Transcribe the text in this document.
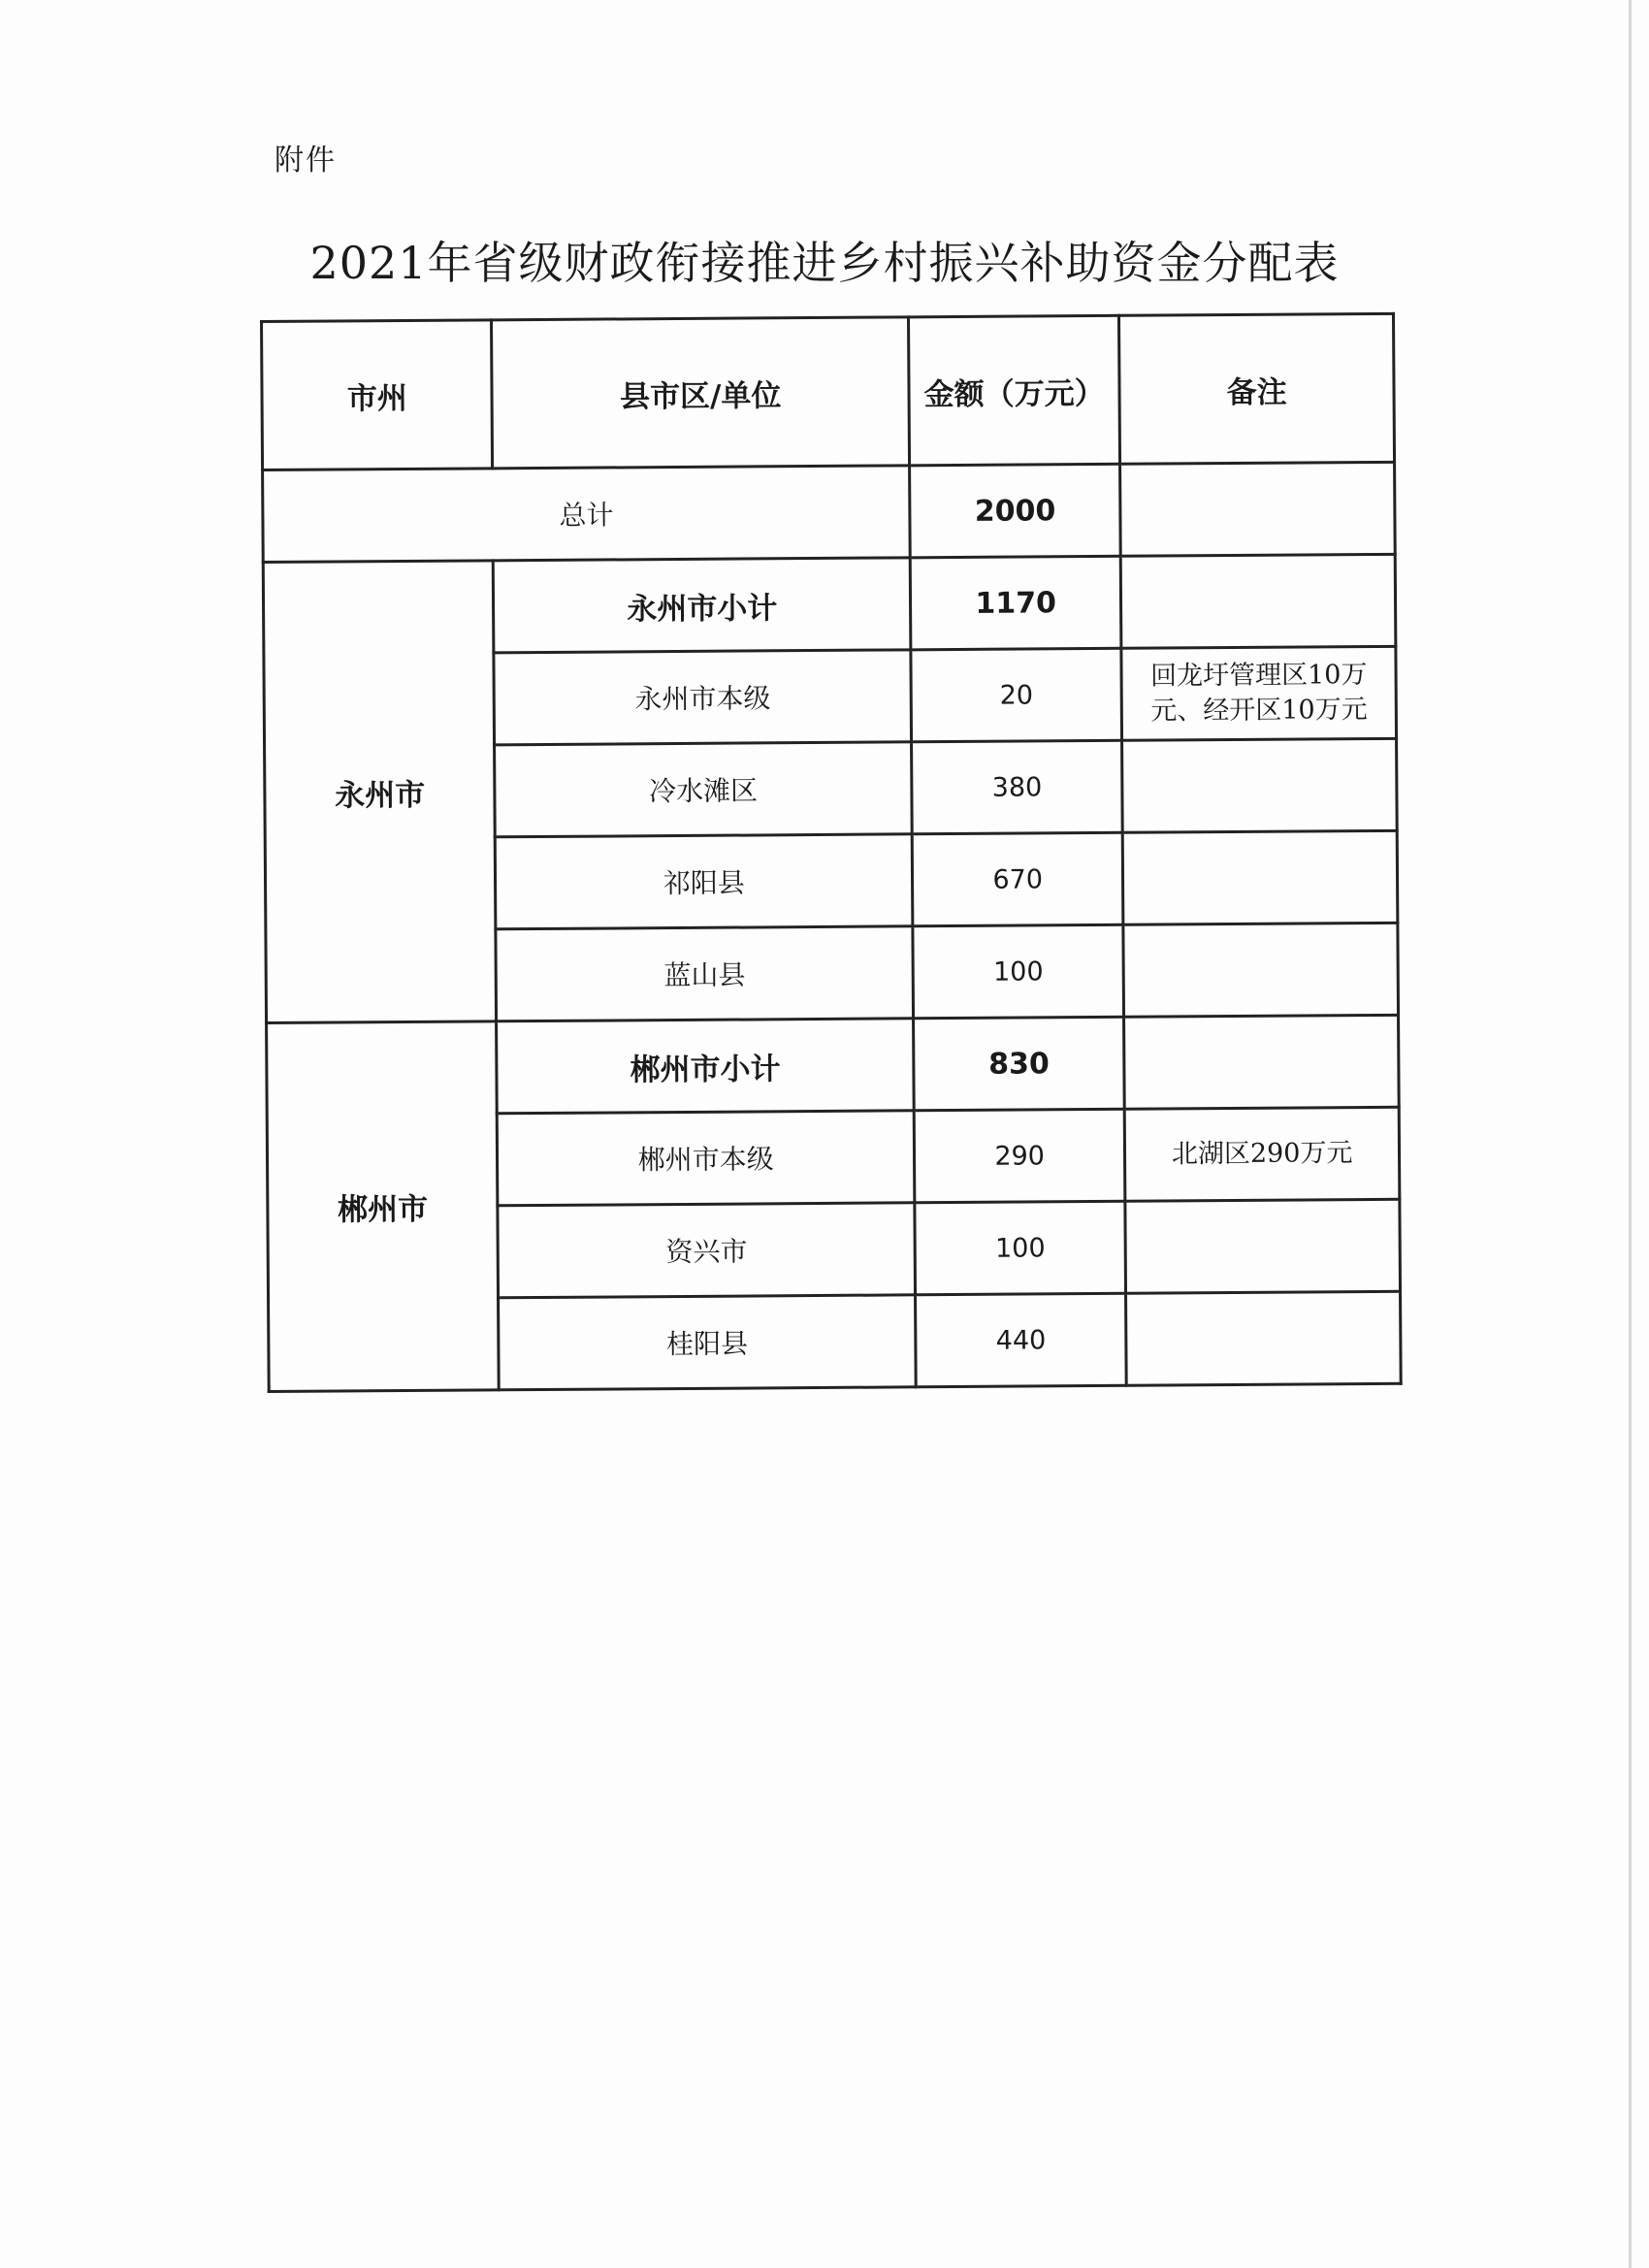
附件
2021年省级财政衔接推进乡村振兴补助资金分配表
市州	县市区/单位	金额（万元）	备注
总计		2000	
永州市	永州市小计	1170	
	永州市本级	20	回龙圩管理区10万元、经开区10万元
	冷水滩区	380	
	祁阳县	670	
	蓝山县	100	
郴州市	郴州市小计	830	
	郴州市本级	290	北湖区290万元
	资兴市	100	
	桂阳县	440	
